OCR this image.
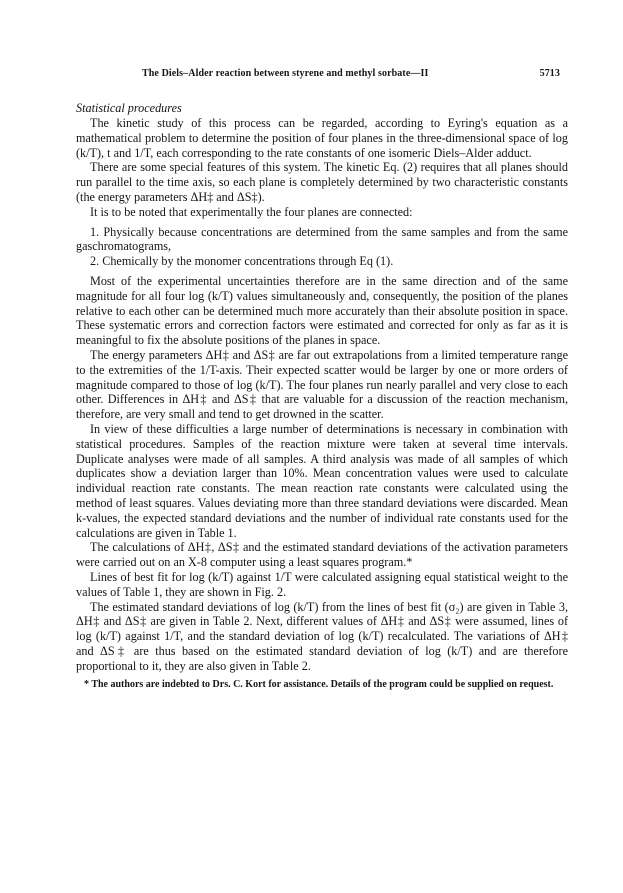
The Diels–Alder reaction between styrene and methyl sorbate—II	5713
Statistical procedures

The kinetic study of this process can be regarded, according to Eyring's equation as a mathematical problem to determine the position of four planes in the three-dimensional space of log (k/T), t and 1/T, each corresponding to the rate constants of one isomeric Diels–Alder adduct.

There are some special features of this system. The kinetic Eq. (2) requires that all planes should run parallel to the time axis, so each plane is completely determined by two characteristic constants (the energy parameters ΔH‡ and ΔS‡).

It is to be noted that experimentally the four planes are connected:

1. Physically because concentrations are determined from the same samples and from the same gaschromatograms,
2. Chemically by the monomer concentrations through Eq (1).

Most of the experimental uncertainties therefore are in the same direction and of the same magnitude for all four log (k/T) values simultaneously and, consequently, the position of the planes relative to each other can be determined much more accurately than their absolute position in space. These systematic errors and correction factors were estimated and corrected for only as far as it is meaningful to fix the absolute positions of the planes in space.

The energy parameters ΔH‡ and ΔS‡ are far out extrapolations from a limited temperature range to the extremities of the 1/T-axis. Their expected scatter would be larger by one or more orders of magnitude compared to those of log (k/T). The four planes run nearly parallel and very close to each other. Differences in ΔH‡ and ΔS‡ that are valuable for a discussion of the reaction mechanism, therefore, are very small and tend to get drowned in the scatter.

In view of these difficulties a large number of determinations is necessary in combination with statistical procedures. Samples of the reaction mixture were taken at several time intervals. Duplicate analyses were made of all samples. A third analysis was made of all samples of which duplicates show a deviation larger than 10%. Mean concentration values were used to calculate individual reaction rate constants. The mean reaction rate constants were calculated using the method of least squares. Values deviating more than three standard deviations were discarded. Mean k-values, the expected standard deviations and the number of individual rate constants used for the calculations are given in Table 1.

The calculations of ΔH‡, ΔS‡ and the estimated standard deviations of the activation parameters were carried out on an X-8 computer using a least squares program.*

Lines of best fit for log (k/T) against 1/T were calculated assigning equal statistical weight to the values of Table 1, they are shown in Fig. 2.

The estimated standard deviations of log (k/T) from the lines of best fit (σ₂) are given in Table 3, ΔH‡ and ΔS‡ are given in Table 2. Next, different values of ΔH‡ and ΔS‡ were assumed, lines of log (k/T) against 1/T, and the standard deviation of log (k/T) recalculated. The variations of ΔH‡ and ΔS‡ are thus based on the estimated standard deviation of log (k/T) and are therefore proportional to it, they are also given in Table 2.

* The authors are indebted to Drs. C. Kort for assistance. Details of the program could be supplied on request.
